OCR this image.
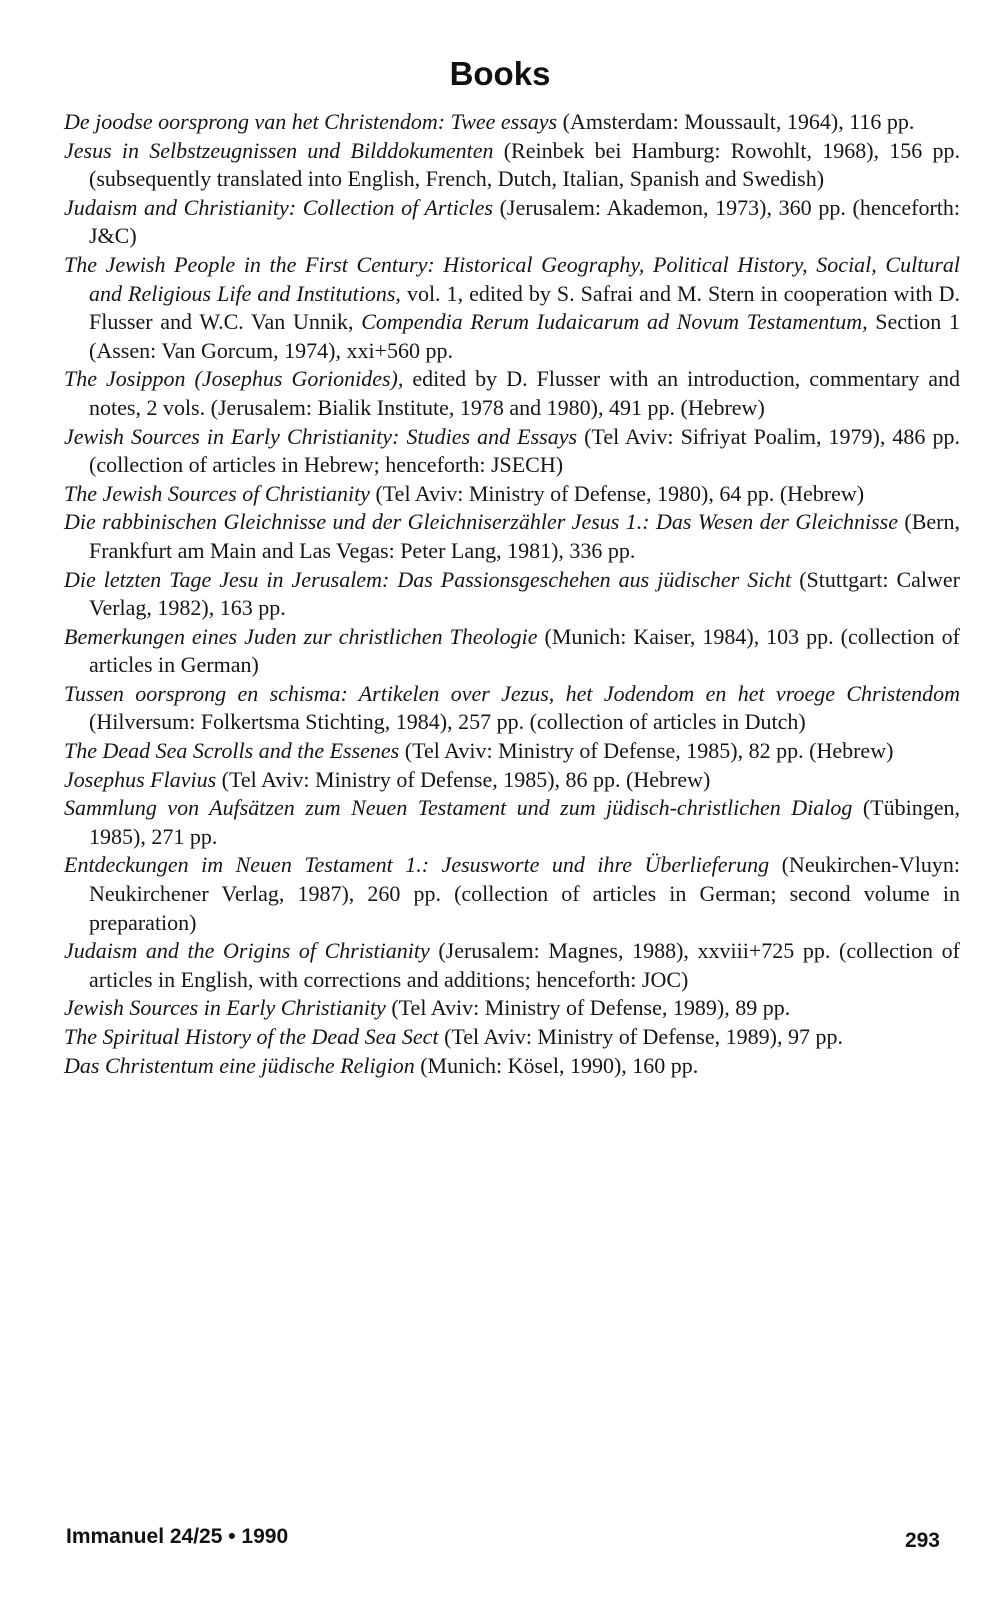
Books
De joodse oorsprong van het Christendom: Twee essays (Amsterdam: Moussault, 1964), 116 pp.
Jesus in Selbstzeugnissen und Bilddokumenten (Reinbek bei Hamburg: Rowohlt, 1968), 156 pp. (subsequently translated into English, French, Dutch, Italian, Spanish and Swedish)
Judaism and Christianity: Collection of Articles (Jerusalem: Akademon, 1973), 360 pp. (henceforth: J&C)
The Jewish People in the First Century: Historical Geography, Political History, Social, Cultural and Religious Life and Institutions, vol. 1, edited by S. Safrai and M. Stern in cooperation with D. Flusser and W.C. Van Unnik, Compendia Rerum Iudaicarum ad Novum Testamentum, Section 1 (Assen: Van Gorcum, 1974), xxi+560 pp.
The Josippon (Josephus Gorionides), edited by D. Flusser with an introduction, commentary and notes, 2 vols. (Jerusalem: Bialik Institute, 1978 and 1980), 491 pp. (Hebrew)
Jewish Sources in Early Christianity: Studies and Essays (Tel Aviv: Sifriyat Poalim, 1979), 486 pp. (collection of articles in Hebrew; henceforth: JSECH)
The Jewish Sources of Christianity (Tel Aviv: Ministry of Defense, 1980), 64 pp. (Hebrew)
Die rabbinischen Gleichnisse und der Gleichniserzähler Jesus 1.: Das Wesen der Gleichnisse (Bern, Frankfurt am Main and Las Vegas: Peter Lang, 1981), 336 pp.
Die letzten Tage Jesu in Jerusalem: Das Passionsgeschehen aus jüdischer Sicht (Stuttgart: Calwer Verlag, 1982), 163 pp.
Bemerkungen eines Juden zur christlichen Theologie (Munich: Kaiser, 1984), 103 pp. (collection of articles in German)
Tussen oorsprong en schisma: Artikelen over Jezus, het Jodendom en het vroege Christendom (Hilversum: Folkertsma Stichting, 1984), 257 pp. (collection of articles in Dutch)
The Dead Sea Scrolls and the Essenes (Tel Aviv: Ministry of Defense, 1985), 82 pp. (Hebrew)
Josephus Flavius (Tel Aviv: Ministry of Defense, 1985), 86 pp. (Hebrew)
Sammlung von Aufsätzen zum Neuen Testament und zum jüdisch-christlichen Dialog (Tübingen, 1985), 271 pp.
Entdeckungen im Neuen Testament 1.: Jesusworte und ihre Überlieferung (Neukirchen-Vluyn: Neukirchener Verlag, 1987), 260 pp. (collection of articles in German; second volume in preparation)
Judaism and the Origins of Christianity (Jerusalem: Magnes, 1988), xxviii+725 pp. (collection of articles in English, with corrections and additions; henceforth: JOC)
Jewish Sources in Early Christianity (Tel Aviv: Ministry of Defense, 1989), 89 pp.
The Spiritual History of the Dead Sea Sect (Tel Aviv: Ministry of Defense, 1989), 97 pp.
Das Christentum eine jüdische Religion (Munich: Kösel, 1990), 160 pp.
Immanuel 24/25 • 1990	293
